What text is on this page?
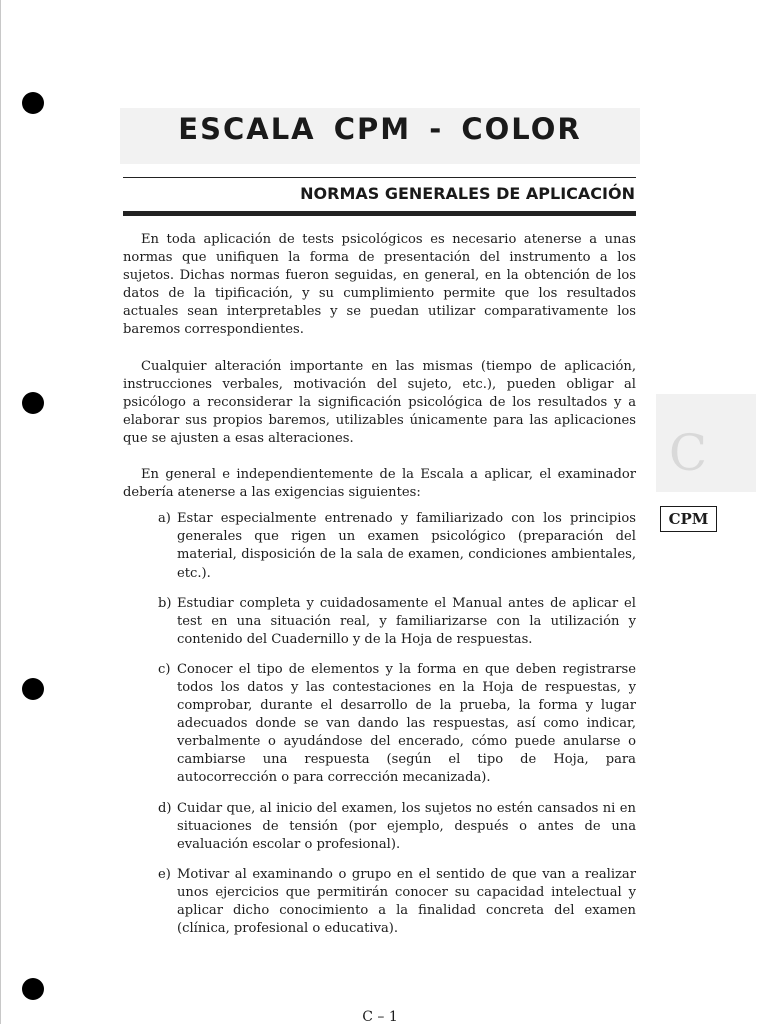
ESCALA CPM - COLOR
NORMAS GENERALES DE APLICACIÓN

En toda aplicación de tests psicológicos es necesario atenerse a unas normas que unifiquen la forma de presentación del instrumento a los sujetos. Dichas normas fueron seguidas, en general, en la obtención de los datos de la tipificación, y su cumplimiento permite que los resultados actuales sean interpretables y se puedan utilizar comparativamente los baremos correspondientes.

Cualquier alteración importante en las mismas (tiempo de aplicación, instrucciones verbales, motivación del sujeto, etc.), pueden obligar al psicólogo a reconsiderar la significación psicológica de los resultados y a elaborar sus propios baremos, utilizables únicamente para las aplicaciones que se ajusten a esas alteraciones.

En general e independientemente de la Escala a aplicar, el examinador debería atenerse a las exigencias siguientes:

a) Estar especialmente entrenado y familiarizado con los principios generales que rigen un examen psicológico (preparación del material, disposición de la sala de examen, condiciones ambientales, etc.).
b) Estudiar completa y cuidadosamente el Manual antes de aplicar el test en una situación real, y familiarizarse con la utilización y contenido del Cuadernillo y de la Hoja de respuestas.
c) Conocer el tipo de elementos y la forma en que deben registrarse todos los datos y las contestaciones en la Hoja de respuestas, y comprobar, durante el desarrollo de la prueba, la forma y lugar adecuados donde se van dando las respuestas, así como indicar, verbalmente o ayudándose del encerado, cómo puede anularse o cambiarse una respuesta (según el tipo de Hoja, para autocorrección o para corrección mecanizada).
d) Cuidar que, al inicio del examen, los sujetos no estén cansados ni en situaciones de tensión (por ejemplo, después o antes de una evaluación escolar o profesional).
e) Motivar al examinando o grupo en el sentido de que van a realizar unos ejercicios que permitirán conocer su capacidad intelectual y aplicar dicho conocimiento a la finalidad concreta del examen (clínica, profesional o educativa).
C
CPM
C – 1
